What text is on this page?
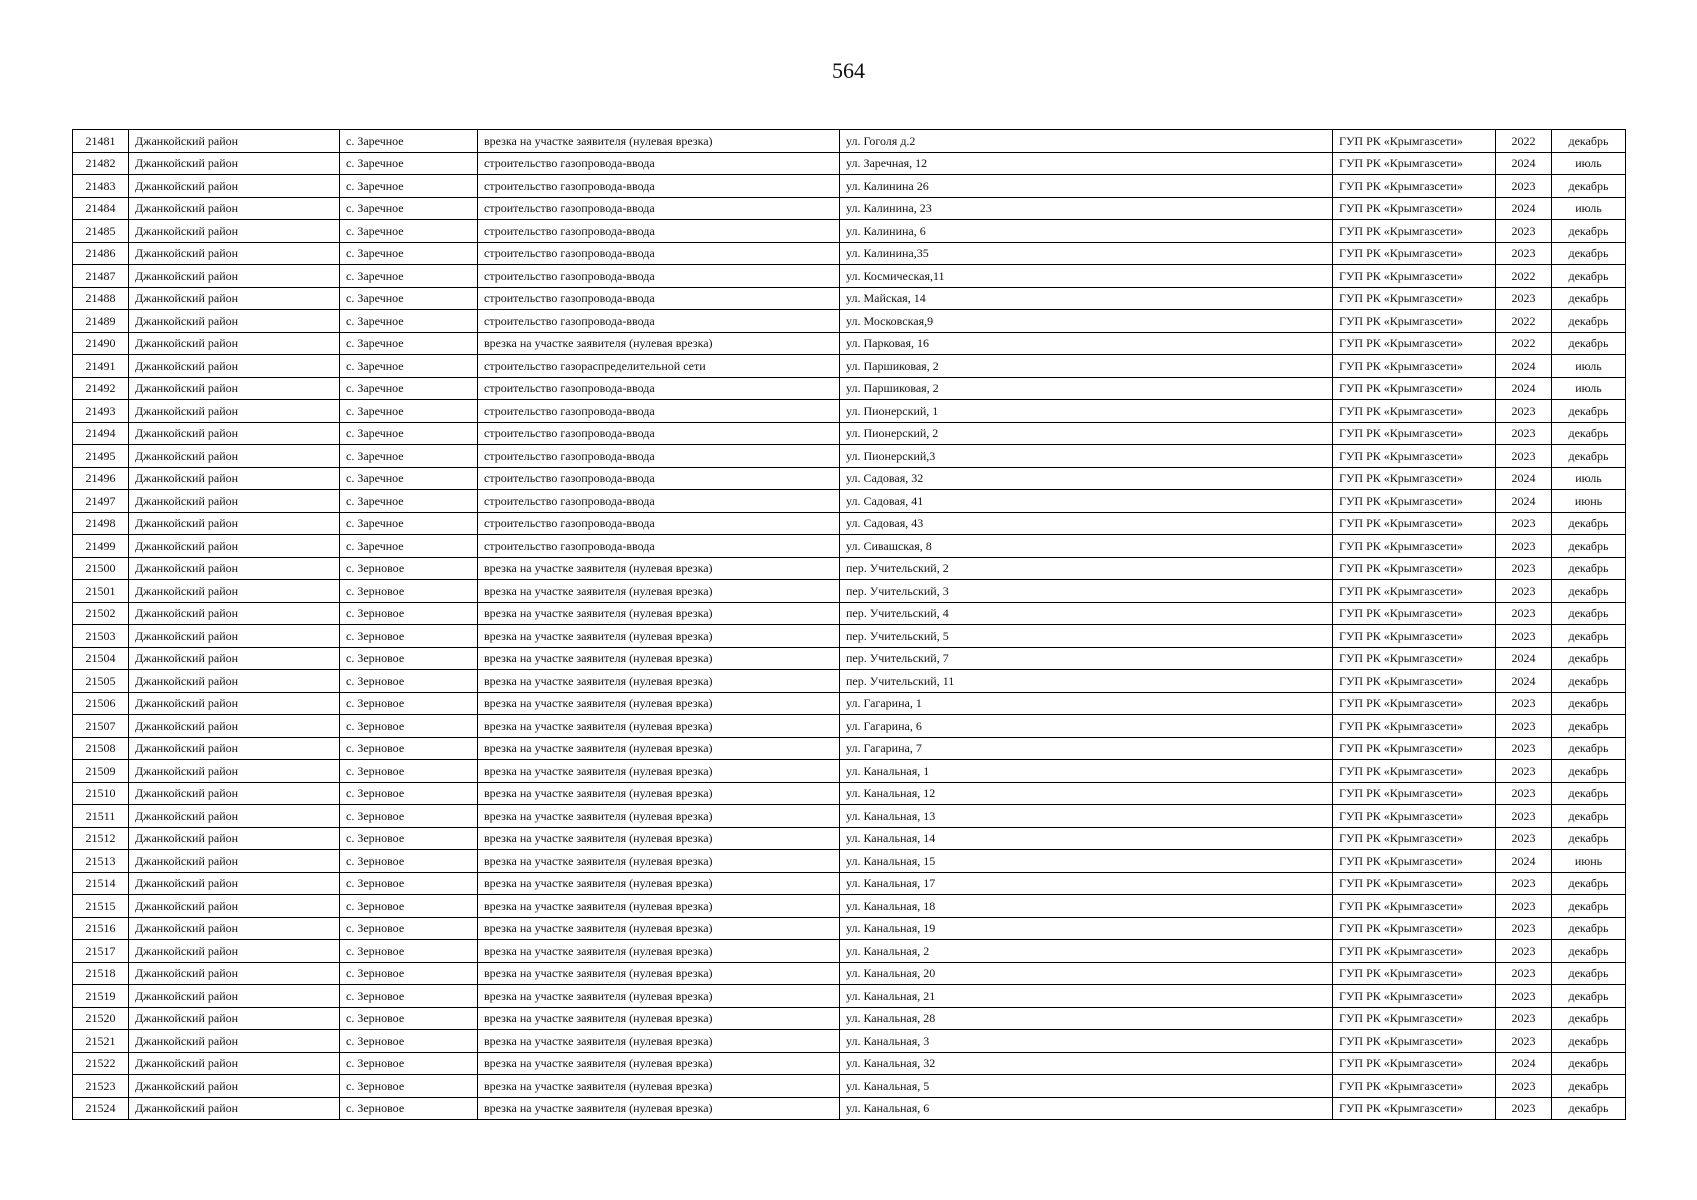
564
21481	Джанкойский район	с. Заречное	врезка на участке заявителя (нулевая врезка)	ул. Гоголя д.2	ГУП РК «Крымгазсети»	2022	декабрь
21482	Джанкойский район	с. Заречное	строительство газопровода-ввода	ул. Заречная, 12	ГУП РК «Крымгазсети»	2024	июль
21483	Джанкойский район	с. Заречное	строительство газопровода-ввода	ул. Калинина 26	ГУП РК «Крымгазсети»	2023	декабрь
21484	Джанкойский район	с. Заречное	строительство газопровода-ввода	ул. Калинина, 23	ГУП РК «Крымгазсети»	2024	июль
21485	Джанкойский район	с. Заречное	строительство газопровода-ввода	ул. Калинина, 6	ГУП РК «Крымгазсети»	2023	декабрь
21486	Джанкойский район	с. Заречное	строительство газопровода-ввода	ул. Калинина,35	ГУП РК «Крымгазсети»	2023	декабрь
21487	Джанкойский район	с. Заречное	строительство газопровода-ввода	ул. Космическая,11	ГУП РК «Крымгазсети»	2022	декабрь
21488	Джанкойский район	с. Заречное	строительство газопровода-ввода	ул. Майская, 14	ГУП РК «Крымгазсети»	2023	декабрь
21489	Джанкойский район	с. Заречное	строительство газопровода-ввода	ул. Московская,9	ГУП РК «Крымгазсети»	2022	декабрь
21490	Джанкойский район	с. Заречное	врезка на участке заявителя (нулевая врезка)	ул. Парковая, 16	ГУП РК «Крымгазсети»	2022	декабрь
21491	Джанкойский район	с. Заречное	строительство газораспределительной сети	ул. Паршиковая, 2	ГУП РК «Крымгазсети»	2024	июль
21492	Джанкойский район	с. Заречное	строительство газопровода-ввода	ул. Паршиковая, 2	ГУП РК «Крымгазсети»	2024	июль
21493	Джанкойский район	с. Заречное	строительство газопровода-ввода	ул. Пионерский, 1	ГУП РК «Крымгазсети»	2023	декабрь
21494	Джанкойский район	с. Заречное	строительство газопровода-ввода	ул. Пионерский, 2	ГУП РК «Крымгазсети»	2023	декабрь
21495	Джанкойский район	с. Заречное	строительство газопровода-ввода	ул. Пионерский,3	ГУП РК «Крымгазсети»	2023	декабрь
21496	Джанкойский район	с. Заречное	строительство газопровода-ввода	ул. Садовая, 32	ГУП РК «Крымгазсети»	2024	июль
21497	Джанкойский район	с. Заречное	строительство газопровода-ввода	ул. Садовая, 41	ГУП РК «Крымгазсети»	2024	июнь
21498	Джанкойский район	с. Заречное	строительство газопровода-ввода	ул. Садовая, 43	ГУП РК «Крымгазсети»	2023	декабрь
21499	Джанкойский район	с. Заречное	строительство газопровода-ввода	ул. Сивашская, 8	ГУП РК «Крымгазсети»	2023	декабрь
21500	Джанкойский район	с. Зерновое	врезка на участке заявителя (нулевая врезка)	пер. Учительский, 2	ГУП РК «Крымгазсети»	2023	декабрь
21501	Джанкойский район	с. Зерновое	врезка на участке заявителя (нулевая врезка)	пер. Учительский, 3	ГУП РК «Крымгазсети»	2023	декабрь
21502	Джанкойский район	с. Зерновое	врезка на участке заявителя (нулевая врезка)	пер. Учительский, 4	ГУП РК «Крымгазсети»	2023	декабрь
21503	Джанкойский район	с. Зерновое	врезка на участке заявителя (нулевая врезка)	пер. Учительский, 5	ГУП РК «Крымгазсети»	2023	декабрь
21504	Джанкойский район	с. Зерновое	врезка на участке заявителя (нулевая врезка)	пер. Учительский, 7	ГУП РК «Крымгазсети»	2024	декабрь
21505	Джанкойский район	с. Зерновое	врезка на участке заявителя (нулевая врезка)	пер. Учительский, 11	ГУП РК «Крымгазсети»	2024	декабрь
21506	Джанкойский район	с. Зерновое	врезка на участке заявителя (нулевая врезка)	ул. Гагарина, 1	ГУП РК «Крымгазсети»	2023	декабрь
21507	Джанкойский район	с. Зерновое	врезка на участке заявителя (нулевая врезка)	ул. Гагарина, 6	ГУП РК «Крымгазсети»	2023	декабрь
21508	Джанкойский район	с. Зерновое	врезка на участке заявителя (нулевая врезка)	ул. Гагарина, 7	ГУП РК «Крымгазсети»	2023	декабрь
21509	Джанкойский район	с. Зерновое	врезка на участке заявителя (нулевая врезка)	ул. Канальная, 1	ГУП РК «Крымгазсети»	2023	декабрь
21510	Джанкойский район	с. Зерновое	врезка на участке заявителя (нулевая врезка)	ул. Канальная, 12	ГУП РК «Крымгазсети»	2023	декабрь
21511	Джанкойский район	с. Зерновое	врезка на участке заявителя (нулевая врезка)	ул. Канальная, 13	ГУП РК «Крымгазсети»	2023	декабрь
21512	Джанкойский район	с. Зерновое	врезка на участке заявителя (нулевая врезка)	ул. Канальная, 14	ГУП РК «Крымгазсети»	2023	декабрь
21513	Джанкойский район	с. Зерновое	врезка на участке заявителя (нулевая врезка)	ул. Канальная, 15	ГУП РК «Крымгазсети»	2024	июнь
21514	Джанкойский район	с. Зерновое	врезка на участке заявителя (нулевая врезка)	ул. Канальная, 17	ГУП РК «Крымгазсети»	2023	декабрь
21515	Джанкойский район	с. Зерновое	врезка на участке заявителя (нулевая врезка)	ул. Канальная, 18	ГУП РК «Крымгазсети»	2023	декабрь
21516	Джанкойский район	с. Зерновое	врезка на участке заявителя (нулевая врезка)	ул. Канальная, 19	ГУП РК «Крымгазсети»	2023	декабрь
21517	Джанкойский район	с. Зерновое	врезка на участке заявителя (нулевая врезка)	ул. Канальная, 2	ГУП РК «Крымгазсети»	2023	декабрь
21518	Джанкойский район	с. Зерновое	врезка на участке заявителя (нулевая врезка)	ул. Канальная, 20	ГУП РК «Крымгазсети»	2023	декабрь
21519	Джанкойский район	с. Зерновое	врезка на участке заявителя (нулевая врезка)	ул. Канальная, 21	ГУП РК «Крымгазсети»	2023	декабрь
21520	Джанкойский район	с. Зерновое	врезка на участке заявителя (нулевая врезка)	ул. Канальная, 28	ГУП РК «Крымгазсети»	2023	декабрь
21521	Джанкойский район	с. Зерновое	врезка на участке заявителя (нулевая врезка)	ул. Канальная, 3	ГУП РК «Крымгазсети»	2023	декабрь
21522	Джанкойский район	с. Зерновое	врезка на участке заявителя (нулевая врезка)	ул. Канальная, 32	ГУП РК «Крымгазсети»	2024	декабрь
21523	Джанкойский район	с. Зерновое	врезка на участке заявителя (нулевая врезка)	ул. Канальная, 5	ГУП РК «Крымгазсети»	2023	декабрь
21524	Джанкойский район	с. Зерновое	врезка на участке заявителя (нулевая врезка)	ул. Канальная, 6	ГУП РК «Крымгазсети»	2023	декабрь
